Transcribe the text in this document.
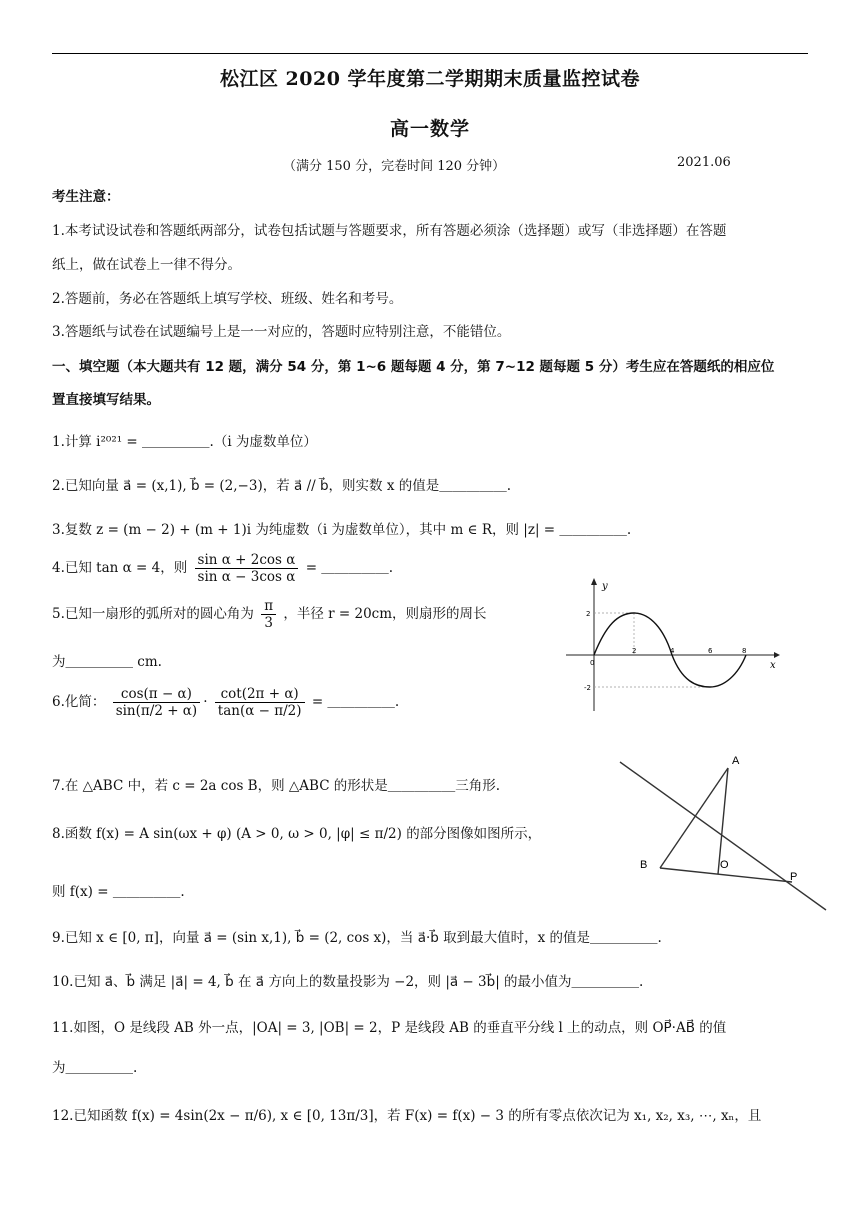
松江区 2020 学年度第二学期期末质量监控试卷
高一数学
（满分 150 分，完卷时间 120 分钟）	2021.06
考生注意：
1.本考试设试卷和答题纸两部分，试卷包括试题与答题要求，所有答题必须涂（选择题）或写（非选择题）在答题
纸上，做在试卷上一律不得分。
2.答题前，务必在答题纸上填写学校、班级、姓名和考号。
3.答题纸与试卷在试题编号上是一一对应的，答题时应特别注意，不能错位。
一、填空题（本大题共有 12 题，满分 54 分，第 1~6 题每题 4 分，第 7~12 题每题 5 分）考生应在答题纸的相应位
置直接填写结果。
1.计算 i²⁰²¹ = ＿＿＿＿＿.（i 为虚数单位）
2.已知向量 a⃗ = (x,1), b⃗ = (2,−3)，若 a⃗ // b⃗，则实数 x 的值是＿＿＿＿＿.
3.复数 z = (m − 2) + (m + 1)i 为纯虚数（i 为虚数单位），其中 m ∈ R，则 |z| = ＿＿＿＿＿.
4.已知 tan α = 4，则 $\frac{\text{sin α + 2cos α}}{\text{sin α − 3cos α}}$ = ＿＿＿＿＿.
5.已知一扇形的弧所对的圆心角为 $\frac{\pi}{3}$ ，半径 r = 20cm，则扇形的周长
为＿＿＿＿＿ cm.
6.化简： $\frac{\cos(\pi - \alpha)}{\sin(\pi/2 + \alpha)} \cdot \frac{\cot(2\pi + \alpha)}{\tan(\alpha - \pi/2)}$ = ＿＿＿＿＿.
7.在 △ABC 中，若 c = 2a cos B，则 △ABC 的形状是＿＿＿＿＿三角形.
8.函数 f(x) = A sin(ωx + φ) (A > 0, ω > 0, |φ| ≤ π/2) 的部分图像如图所示，
则 f(x) = ＿＿＿＿＿.
9.已知 x ∈ [0, π]，向量 a⃗ = (sin x,1), b⃗ = (2, cos x)，当 a⃗·b⃗ 取到最大值时，x 的值是＿＿＿＿＿.
10.已知 a⃗、b⃗ 满足 |a⃗| = 4, b⃗ 在 a⃗ 方向上的数量投影为 −2，则 |a⃗ − 3b⃗| 的最小值为＿＿＿＿＿.
11.如图，O 是线段 AB 外一点，|OA| = 3, |OB| = 2，P 是线段 AB 的垂直平分线 l 上的动点，则 OP⃗·AB⃗ 的值
为＿＿＿＿＿.
12.已知函数 f(x) = 4sin(2x − π/6), x ∈ [0, 13π/3]，若 F(x) = f(x) − 3 的所有零点依次记为 x₁, x₂, x₃, ⋯, xₙ，且
y
x
0
2	4	6	8
2
-2
A
B	O
P
